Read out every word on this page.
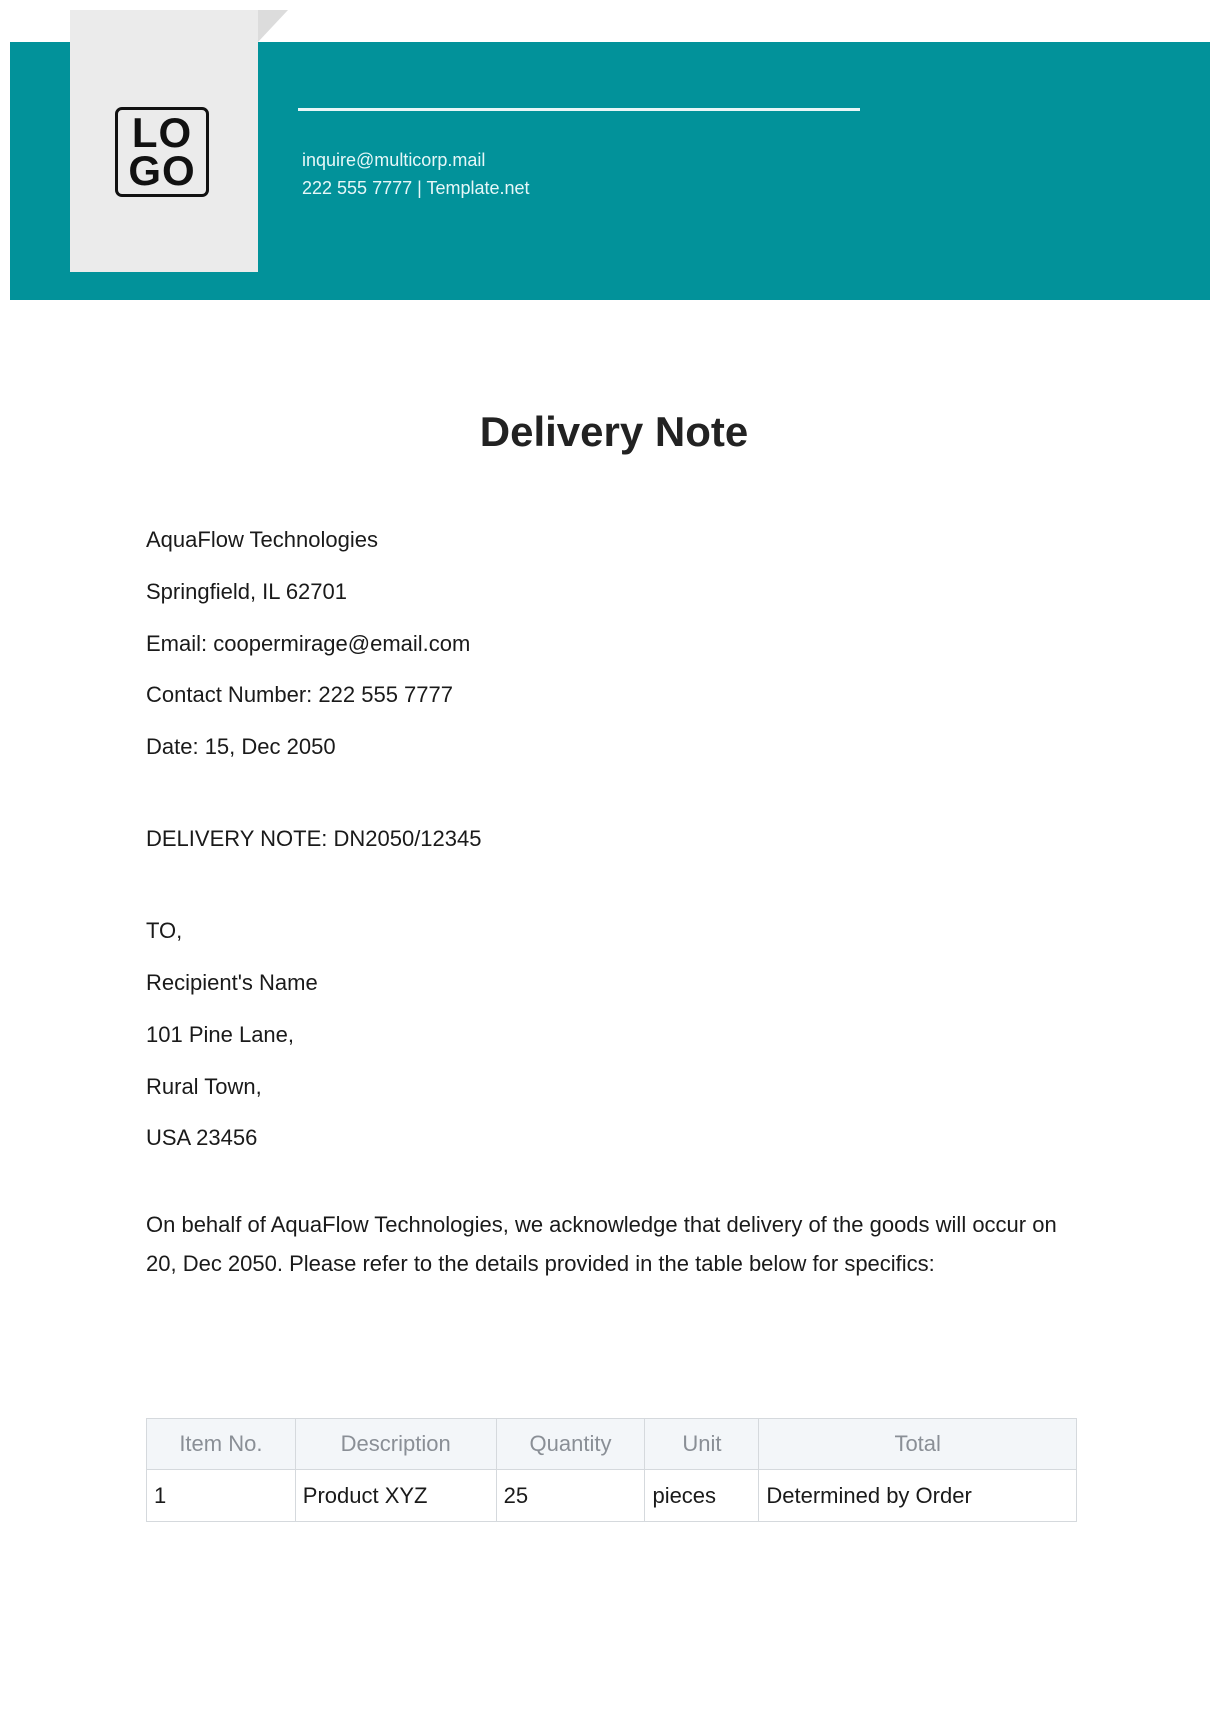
LO
GO	inquire@multicorp.mail
222 555 7777 | Template.net
Delivery Note
AquaFlow Technologies
Springfield, IL 62701
Email: coopermirage@email.com
Contact Number: 222 555 7777
Date: 15, Dec 2050
DELIVERY NOTE: DN2050/12345
TO,
Recipient's Name
101 Pine Lane,
Rural Town,
USA 23456
On behalf of AquaFlow Technologies, we acknowledge that delivery of the goods will occur on 20, Dec 2050. Please refer to the details provided in the table below for specifics:
Item No.	Description	Quantity	Unit	Total
1	Product XYZ	25	pieces	Determined by Order
